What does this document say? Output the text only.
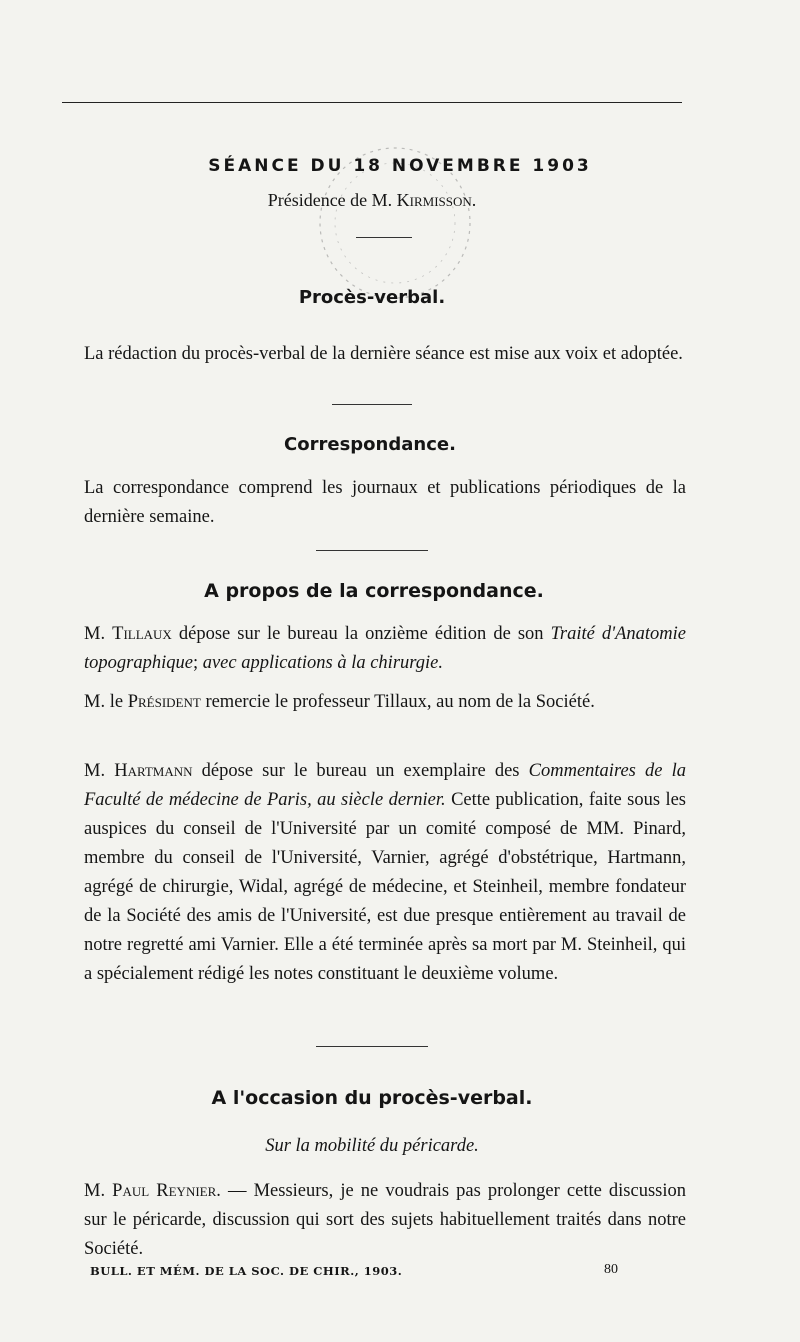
SÉANCE DU 18 NOVEMBRE 1903
Présidence de M. Kirmisson.
Procès-verbal.
La rédaction du procès-verbal de la dernière séance est mise aux voix et adoptée.
Correspondance.
La correspondance comprend les journaux et publications périodiques de la dernière semaine.
A propos de la correspondance.
M. Tillaux dépose sur le bureau la onzième édition de son Traité d'Anatomie topographique; avec applications à la chirurgie.
M. le Président remercie le professeur Tillaux, au nom de la Société.
M. Hartmann dépose sur le bureau un exemplaire des Commentaires de la Faculté de médecine de Paris, au siècle dernier. Cette publication, faite sous les auspices du conseil de l'Université par un comité composé de MM. Pinard, membre du conseil de l'Université, Varnier, agrégé d'obstétrique, Hartmann, agrégé de chirurgie, Widal, agrégé de médecine, et Steinheil, membre fondateur de la Société des amis de l'Université, est due presque entièrement au travail de notre regretté ami Varnier. Elle a été terminée après sa mort par M. Steinheil, qui a spécialement rédigé les notes constituant le deuxième volume.
A l'occasion du procès-verbal.
Sur la mobilité du péricarde.
M. Paul Reynier. — Messieurs, je ne voudrais pas prolonger cette discussion sur le péricarde, discussion qui sort des sujets habituellement traités dans notre Société.
BULL. ET MÉM. DE LA SOC. DE CHIR., 1903.	80
